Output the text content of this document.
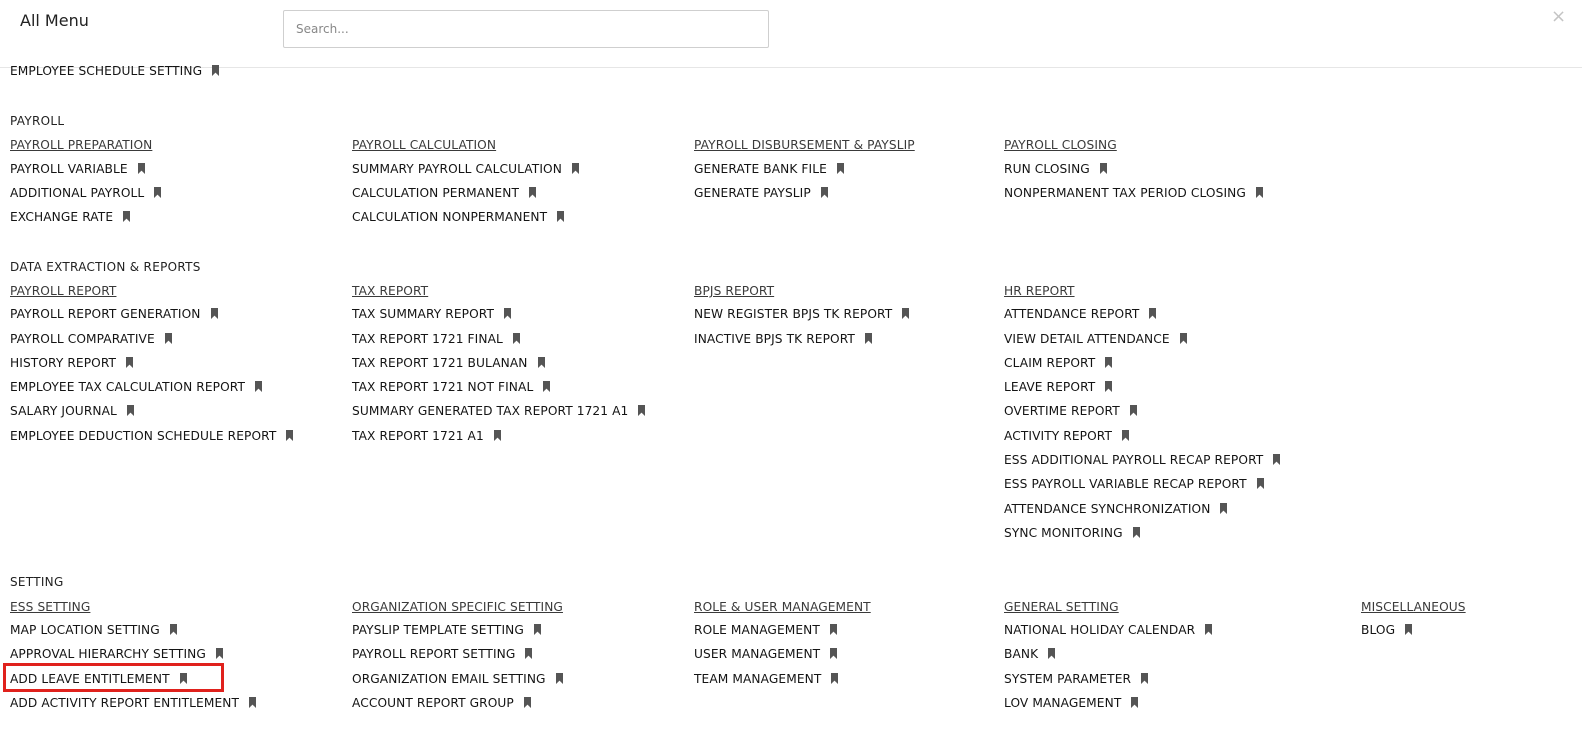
All Menu
Search...	×
EMPLOYEE SCHEDULE SETTING
PAYROLL
PAYROLL PREPARATION
PAYROLL VARIABLE
ADDITIONAL PAYROLL
EXCHANGE RATE
PAYROLL CALCULATION
SUMMARY PAYROLL CALCULATION
CALCULATION PERMANENT
CALCULATION NONPERMANENT
PAYROLL DISBURSEMENT & PAYSLIP
GENERATE BANK FILE
GENERATE PAYSLIP
PAYROLL CLOSING
RUN CLOSING
NONPERMANENT TAX PERIOD CLOSING
DATA EXTRACTION & REPORTS
PAYROLL REPORT
PAYROLL REPORT GENERATION
PAYROLL COMPARATIVE
HISTORY REPORT
EMPLOYEE TAX CALCULATION REPORT
SALARY JOURNAL
EMPLOYEE DEDUCTION SCHEDULE REPORT
TAX REPORT
TAX SUMMARY REPORT
TAX REPORT 1721 FINAL
TAX REPORT 1721 BULANAN
TAX REPORT 1721 NOT FINAL
SUMMARY GENERATED TAX REPORT 1721 A1
TAX REPORT 1721 A1
BPJS REPORT
NEW REGISTER BPJS TK REPORT
INACTIVE BPJS TK REPORT
HR REPORT
ATTENDANCE REPORT
VIEW DETAIL ATTENDANCE
CLAIM REPORT
LEAVE REPORT
OVERTIME REPORT
ACTIVITY REPORT
ESS ADDITIONAL PAYROLL RECAP REPORT
ESS PAYROLL VARIABLE RECAP REPORT
ATTENDANCE SYNCHRONIZATION
SYNC MONITORING
SETTING
ESS SETTING
MAP LOCATION SETTING
APPROVAL HIERARCHY SETTING
ADD LEAVE ENTITLEMENT
ADD ACTIVITY REPORT ENTITLEMENT
ORGANIZATION SPECIFIC SETTING
PAYSLIP TEMPLATE SETTING
PAYROLL REPORT SETTING
ORGANIZATION EMAIL SETTING
ACCOUNT REPORT GROUP
ROLE & USER MANAGEMENT
ROLE MANAGEMENT
USER MANAGEMENT
TEAM MANAGEMENT
GENERAL SETTING
NATIONAL HOLIDAY CALENDAR
BANK
SYSTEM PARAMETER
LOV MANAGEMENT
MISCELLANEOUS
BLOG
